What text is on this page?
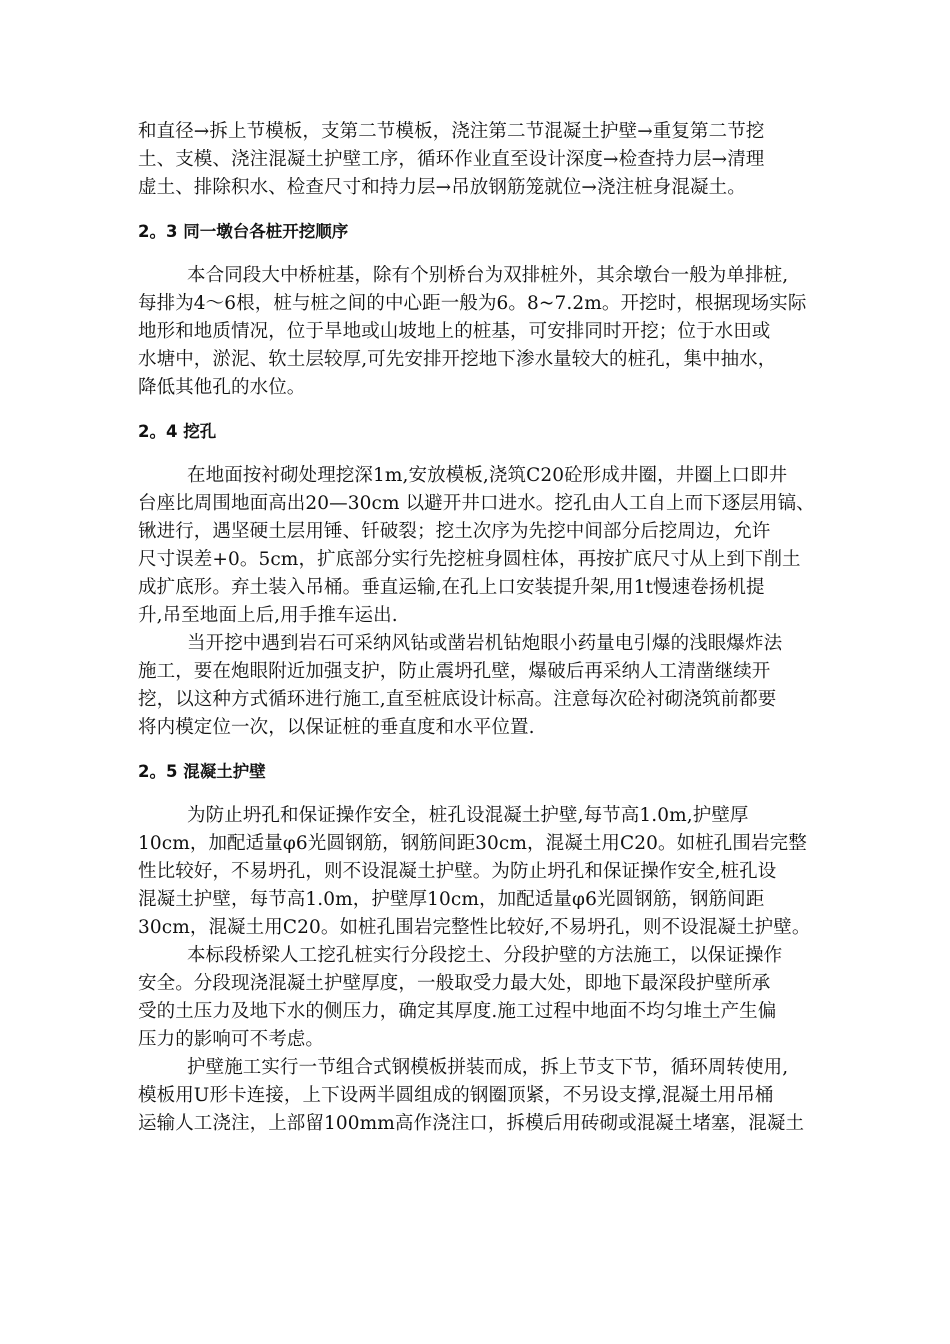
和直径→拆上节模板，支第二节模板，浇注第二节混凝土护壁→重复第二节挖
土、支模、浇注混凝土护壁工序，循环作业直至设计深度→检查持力层→清理
虚土、排除积水、检查尺寸和持力层→吊放钢筋笼就位→浇注桩身混凝土。
2。3 同一墩台各桩开挖顺序
本合同段大中桥桩基，除有个别桥台为双排桩外，其余墩台一般为单排桩,
每排为4～6根，桩与桩之间的中心距一般为6。8~7.2m。开挖时，根据现场实际
地形和地质情况，位于旱地或山坡地上的桩基，可安排同时开挖；位于水田或
水塘中，淤泥、软土层较厚,可先安排开挖地下渗水量较大的桩孔，集中抽水，
降低其他孔的水位。
2。4 挖孔
在地面按衬砌处理挖深1m,安放模板,浇筑C20砼形成井圈，井圈上口即井
台座比周围地面高出20—30cm 以避开井口进水。挖孔由人工自上而下逐层用镐、
锹进行，遇坚硬土层用锤、钎破裂；挖土次序为先挖中间部分后挖周边，允许
尺寸误差+0。5cm，扩底部分实行先挖桩身圆柱体，再按扩底尺寸从上到下削土
成扩底形。弃土装入吊桶。垂直运输,在孔上口安装提升架,用1t慢速卷扬机提
升,吊至地面上后,用手推车运出.
当开挖中遇到岩石可采纳风钻或凿岩机钻炮眼小药量电引爆的浅眼爆炸法
施工，要在炮眼附近加强支护，防止震坍孔壁，爆破后再采纳人工清凿继续开
挖，以这种方式循环进行施工,直至桩底设计标高。注意每次砼衬砌浇筑前都要
将内模定位一次，以保证桩的垂直度和水平位置.
2。5 混凝土护壁
为防止坍孔和保证操作安全，桩孔设混凝土护壁,每节高1.0m,护壁厚
10cm，加配适量φ6光圆钢筋，钢筋间距30cm，混凝土用C20。如桩孔围岩完整
性比较好，不易坍孔，则不设混凝土护壁。为防止坍孔和保证操作安全,桩孔设
混凝土护壁，每节高1.0m，护壁厚10cm，加配适量φ6光圆钢筋，钢筋间距
30cm，混凝土用C20。如桩孔围岩完整性比较好,不易坍孔，则不设混凝土护壁。
本标段桥梁人工挖孔桩实行分段挖土、分段护壁的方法施工，以保证操作
安全。分段现浇混凝土护壁厚度，一般取受力最大处，即地下最深段护壁所承
受的土压力及地下水的侧压力，确定其厚度.施工过程中地面不均匀堆土产生偏
压力的影响可不考虑。
护壁施工实行一节组合式钢模板拼装而成，拆上节支下节，循环周转使用,
模板用U形卡连接，上下设两半圆组成的钢圈顶紧，不另设支撑,混凝土用吊桶
运输人工浇注，上部留100mm高作浇注口，拆模后用砖砌或混凝土堵塞，混凝土
